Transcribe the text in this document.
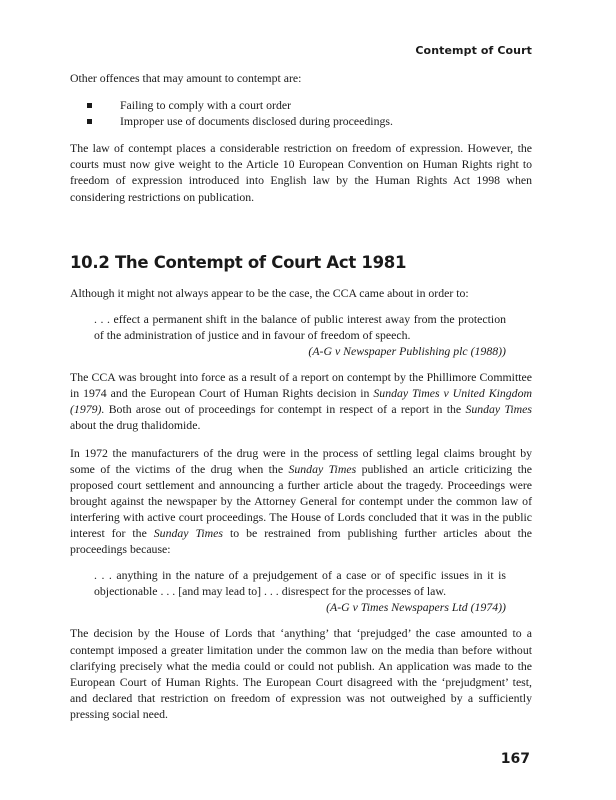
Contempt of Court

Other offences that may amount to contempt are:

Failing to comply with a court order
Improper use of documents disclosed during proceedings.

The law of contempt places a considerable restriction on freedom of expression. However, the courts must now give weight to the Article 10 European Convention on Human Rights right to freedom of expression introduced into English law by the Human Rights Act 1998 when considering restrictions on publication.

10.2 The Contempt of Court Act 1981

Although it might not always appear to be the case, the CCA came about in order to:

. . . effect a permanent shift in the balance of public interest away from the protection of the administration of justice and in favour of freedom of speech.
(A-G v Newspaper Publishing plc (1988))

The CCA was brought into force as a result of a report on contempt by the Phillimore Committee in 1974 and the European Court of Human Rights decision in Sunday Times v United Kingdom (1979). Both arose out of proceedings for contempt in respect of a report in the Sunday Times about the drug thalidomide.

In 1972 the manufacturers of the drug were in the process of settling legal claims brought by some of the victims of the drug when the Sunday Times published an article criticizing the proposed court settlement and announcing a further article about the tragedy. Proceedings were brought against the newspaper by the Attorney General for contempt under the common law of interfering with active court proceedings. The House of Lords concluded that it was in the public interest for the Sunday Times to be restrained from publishing further articles about the proceedings because:

. . . anything in the nature of a prejudgement of a case or of specific issues in it is objectionable . . . [and may lead to] . . . disrespect for the processes of law.
(A-G v Times Newspapers Ltd (1974))

The decision by the House of Lords that ‘anything’ that ‘prejudged’ the case amounted to a contempt imposed a greater limitation under the common law on the media than before without clarifying precisely what the media could or could not publish. An application was made to the European Court of Human Rights. The European Court disagreed with the ‘prejudgment’ test, and declared that restriction on freedom of expression was not outweighed by a sufficiently pressing social need.

167
